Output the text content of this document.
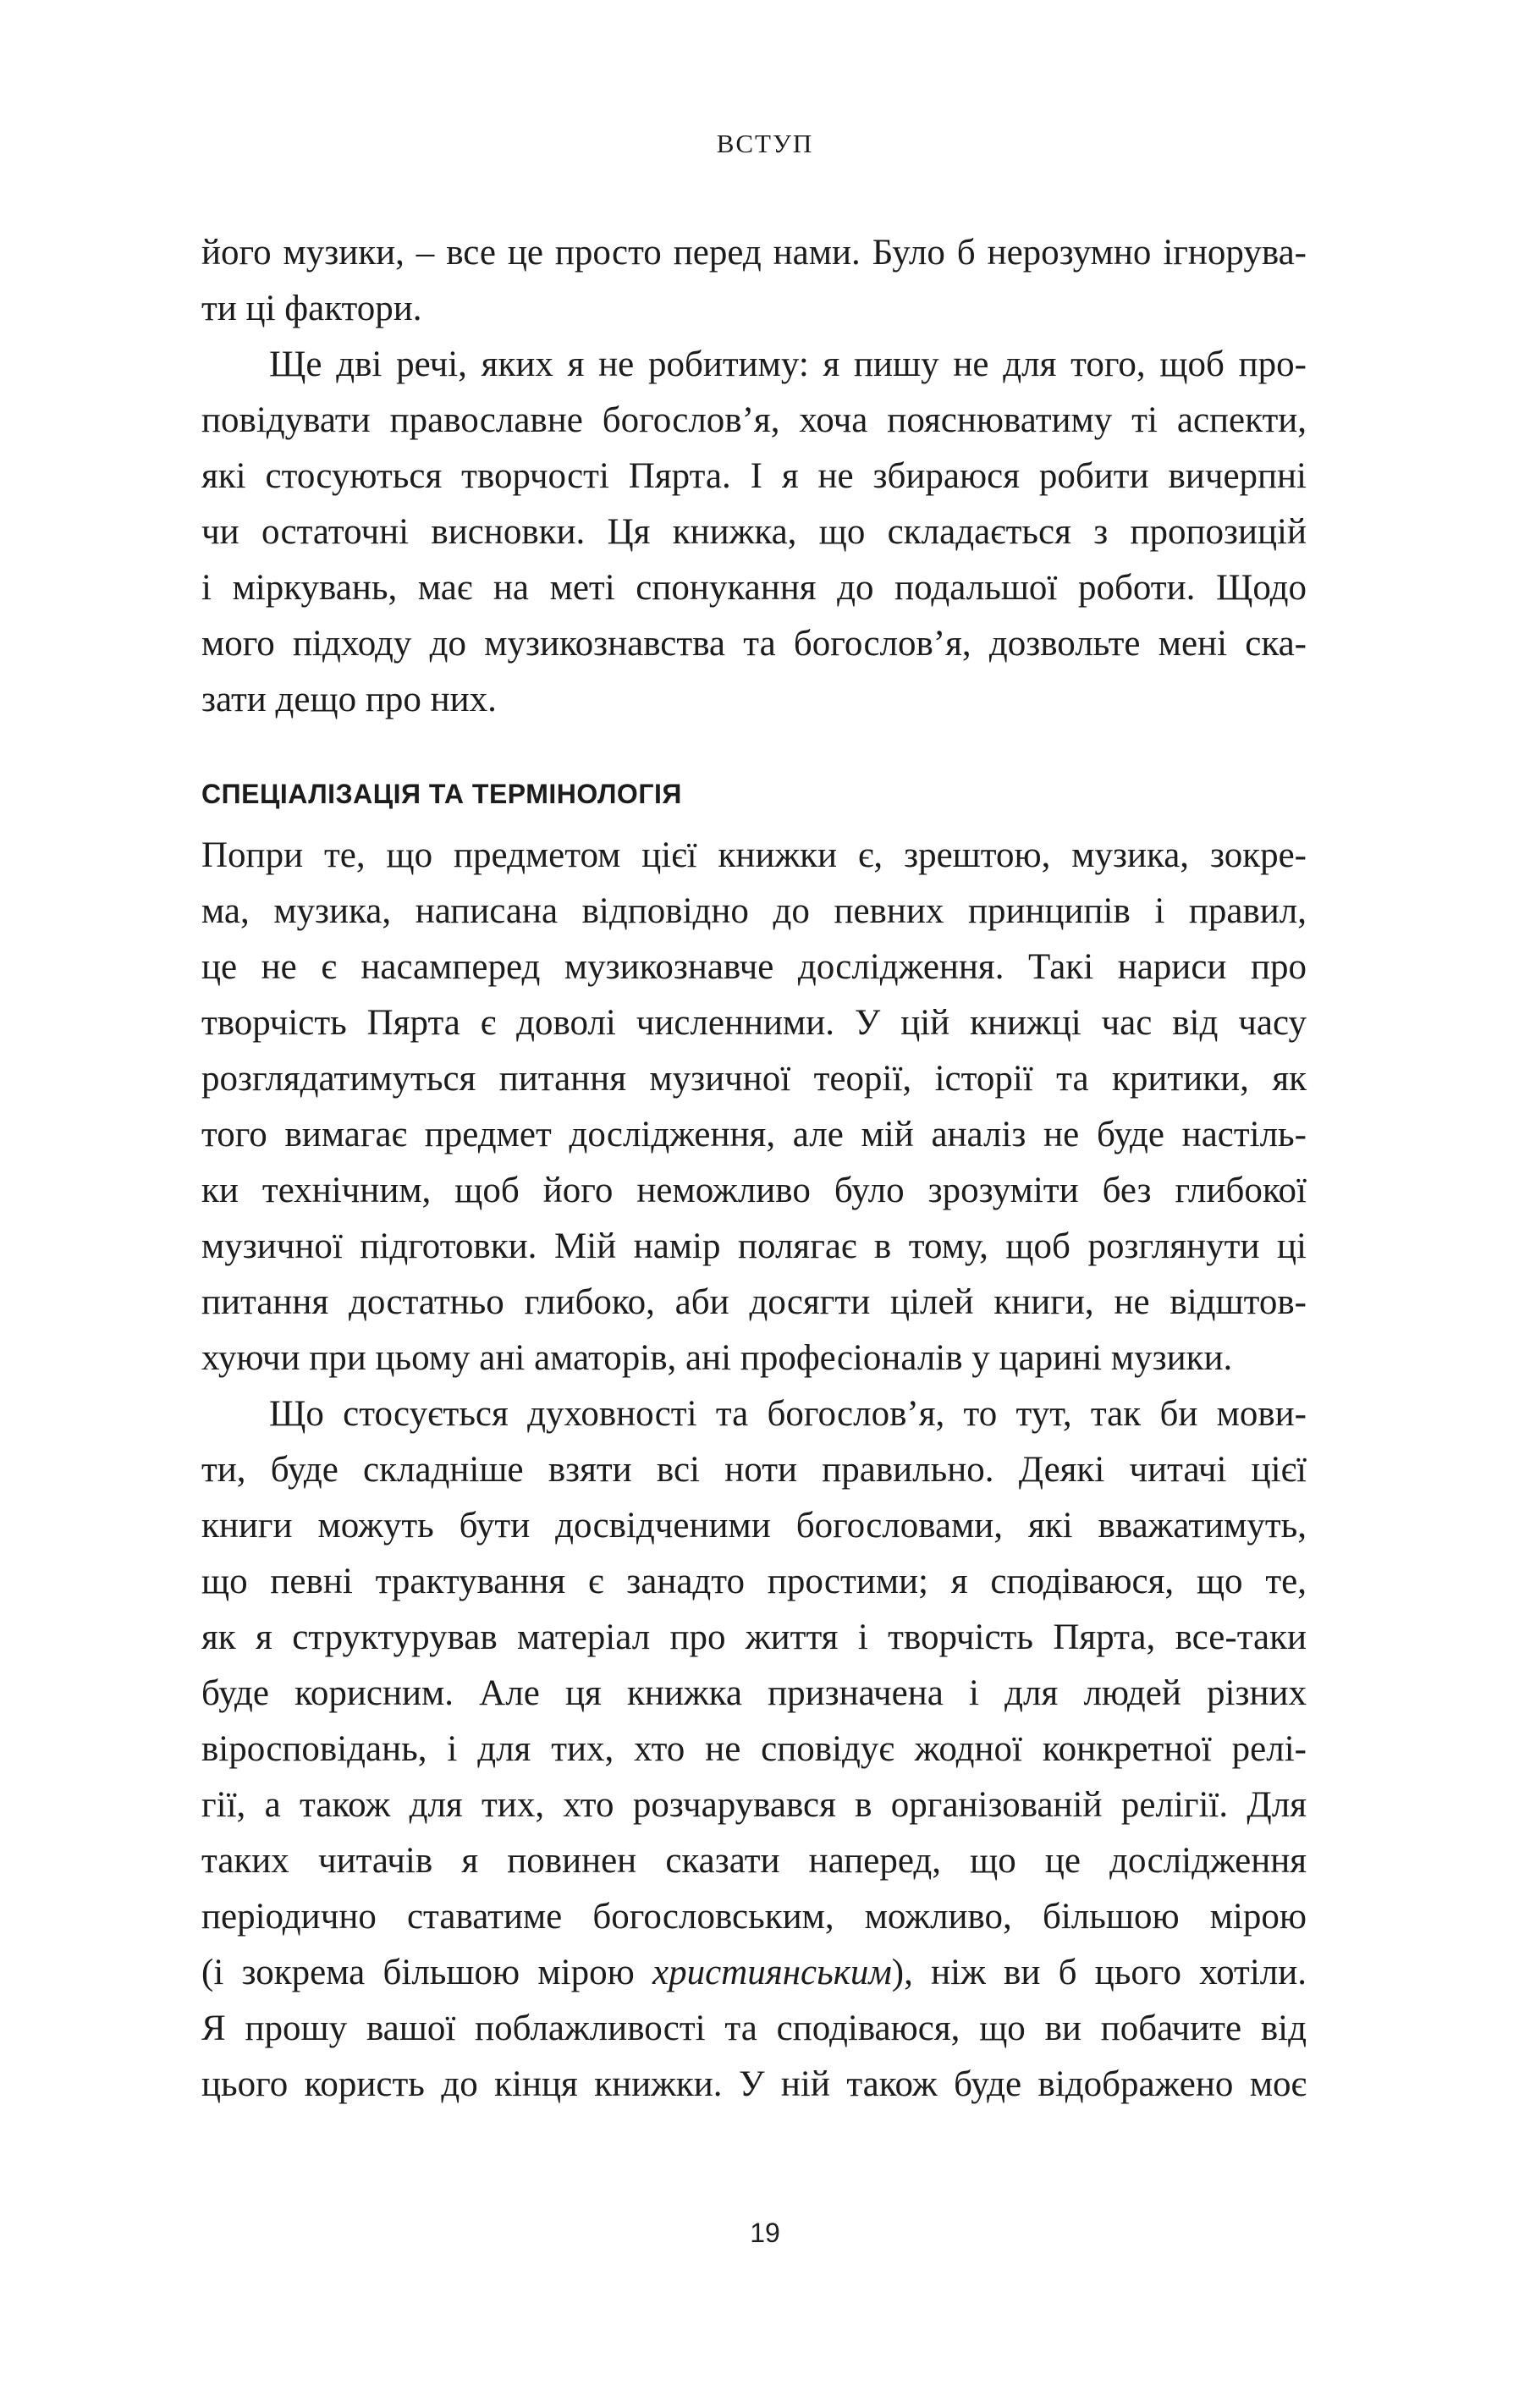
ВСТУП
його музики, – все це просто перед нами. Було б нерозумно ігнорува-
ти ці фактори.
Ще дві речі, яких я не робитиму: я пишу не для того, щоб про-
повідувати православне богослов’я, хоча пояснюватиму ті аспекти,
які стосуються творчості Пярта. І я не збираюся робити вичерпні
чи остаточні висновки. Ця книжка, що складається з пропозицій
і міркувань, має на меті спонукання до подальшої роботи. Щодо
мого підходу до музикознавства та богослов’я, дозвольте мені ска-
зати дещо про них.
СПЕЦІАЛІЗАЦІЯ ТА ТЕРМІНОЛОГІЯ
Попри те, що предметом цієї книжки є, зрештою, музика, зокре-
ма, музика, написана відповідно до певних принципів і правил,
це не є насамперед музикознавче дослідження. Такі нариси про
творчість Пярта є доволі численними. У цій книжці час від часу
розглядатимуться питання музичної теорії, історії та критики, як
того вимагає предмет дослідження, але мій аналіз не буде настіль-
ки технічним, щоб його неможливо було зрозуміти без глибокої
музичної підготовки. Мій намір полягає в тому, щоб розглянути ці
питання достатньо глибоко, аби досягти цілей книги, не відштов-
хуючи при цьому ані аматорів, ані професіоналів у царині музики.
Що стосується духовності та богослов’я, то тут, так би мови-
ти, буде складніше взяти всі ноти правильно. Деякі читачі цієї
книги можуть бути досвідченими богословами, які вважатимуть,
що певні трактування є занадто простими; я сподіваюся, що те,
як я структурував матеріал про життя і творчість Пярта, все-таки
буде корисним. Але ця книжка призначена і для людей різних
віросповідань, і для тих, хто не сповідує жодної конкретної релі-
гії, а також для тих, хто розчарувався в організованій релігії. Для
таких читачів я повинен сказати наперед, що це дослідження
періодично ставатиме богословським, можливо, більшою мірою
(і зокрема більшою мірою християнським), ніж ви б цього хотіли.
Я прошу вашої поблажливості та сподіваюся, що ви побачите від
цього користь до кінця книжки. У ній також буде відображено моє
19
